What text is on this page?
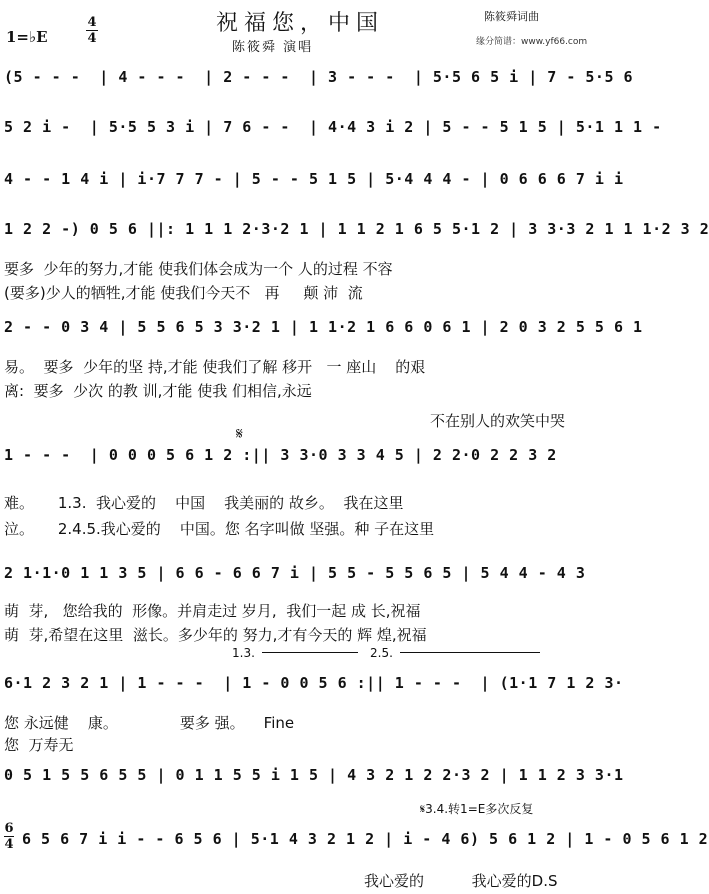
祝福您，中国
1=♭E
4
4
陈筱舜词曲
缘分简谱：www.yf66.com
陈筱舜 演唱
(5 - - -  | 4 - - -  | 2 - - -  | 3 - - -  | 5·5 6 5 i | 7 - 5·5 6
5 2 i -  | 5·5 5 3 i | 7 6 - -  | 4·4 3 i 2 | 5 - - 5 1 5 | 5·1 1 1 -
4 - - 1 4 i | i·7 7 7 - | 5 - - 5 1 5 | 5·4 4 4 - | 0 6 6 6 7 i i
1 2 2 -) 0 5 6 ||: 1 1 1 2·3·2 1 | 1 1 2 1 6 5 5·1 2 | 3 3·3 2 1 1 1·2 3 2
要多  少年的努力,才能 使我们体会成为一个 人的过程 不容
(要多)少人的牺牲,才能 使我们今天不   再     颠 沛  流
2 - - 0 3 4 | 5 5 6 5 3 3·2 1 | 1 1·2 1 6 6 0 6 1 | 2 0 3 2 5 5 6 1
易。  要多  少年的坚 持,才能 使我们了解 移开   一 座山    的艰
离:  要多  少次 的教 训,才能 使我 们相信,永远
不在别人的欢笑中哭
𝄋
1 - - -  | 0 0 0 5 6 1 2 :|| 3 3·0 3 3 4 5 | 2 2·0 2 2 3 2
难。     1.3.  我心爱的    中国    我美丽的 故乡。  我在这里
泣。     2.4.5.我心爱的    中国。您 名字叫做 坚强。种 子在这里
2 1·1·0 1 1 3 5 | 6 6 - 6 6 7 i | 5 5 - 5 5 6 5 | 5 4 4 - 4 3
萌  芽,   您给我的  形像。并肩走过 岁月,  我们一起 成 长,祝福
萌  芽,希望在这里  滋长。多少年的 努力,才有今天的 辉 煌,祝福
1.3.	2.5.
6·1 2 3 2 1 | 1 - - -  | 1 - 0 0 5 6 :|| 1 - - -  | (1·1 7 1 2 3·
您 永远健    康。             要多 强。    Fine
您  万寿无
0 5 1 5 5 6 5 5 | 0 1 1 5 5 i 1 5 | 4 3 2 1 2 2·3 2 | 1 1 2 3 3·1
𝄋3.4.转1=E多次反复
6
4 6 5 6 7 i i - - 6 5 6 | 5·1 4 3 2 1 2 | i - 4 6) 5 6 1 2 | 1 - 0 5 6 1 2
我心爱的          我心爱的D.S
